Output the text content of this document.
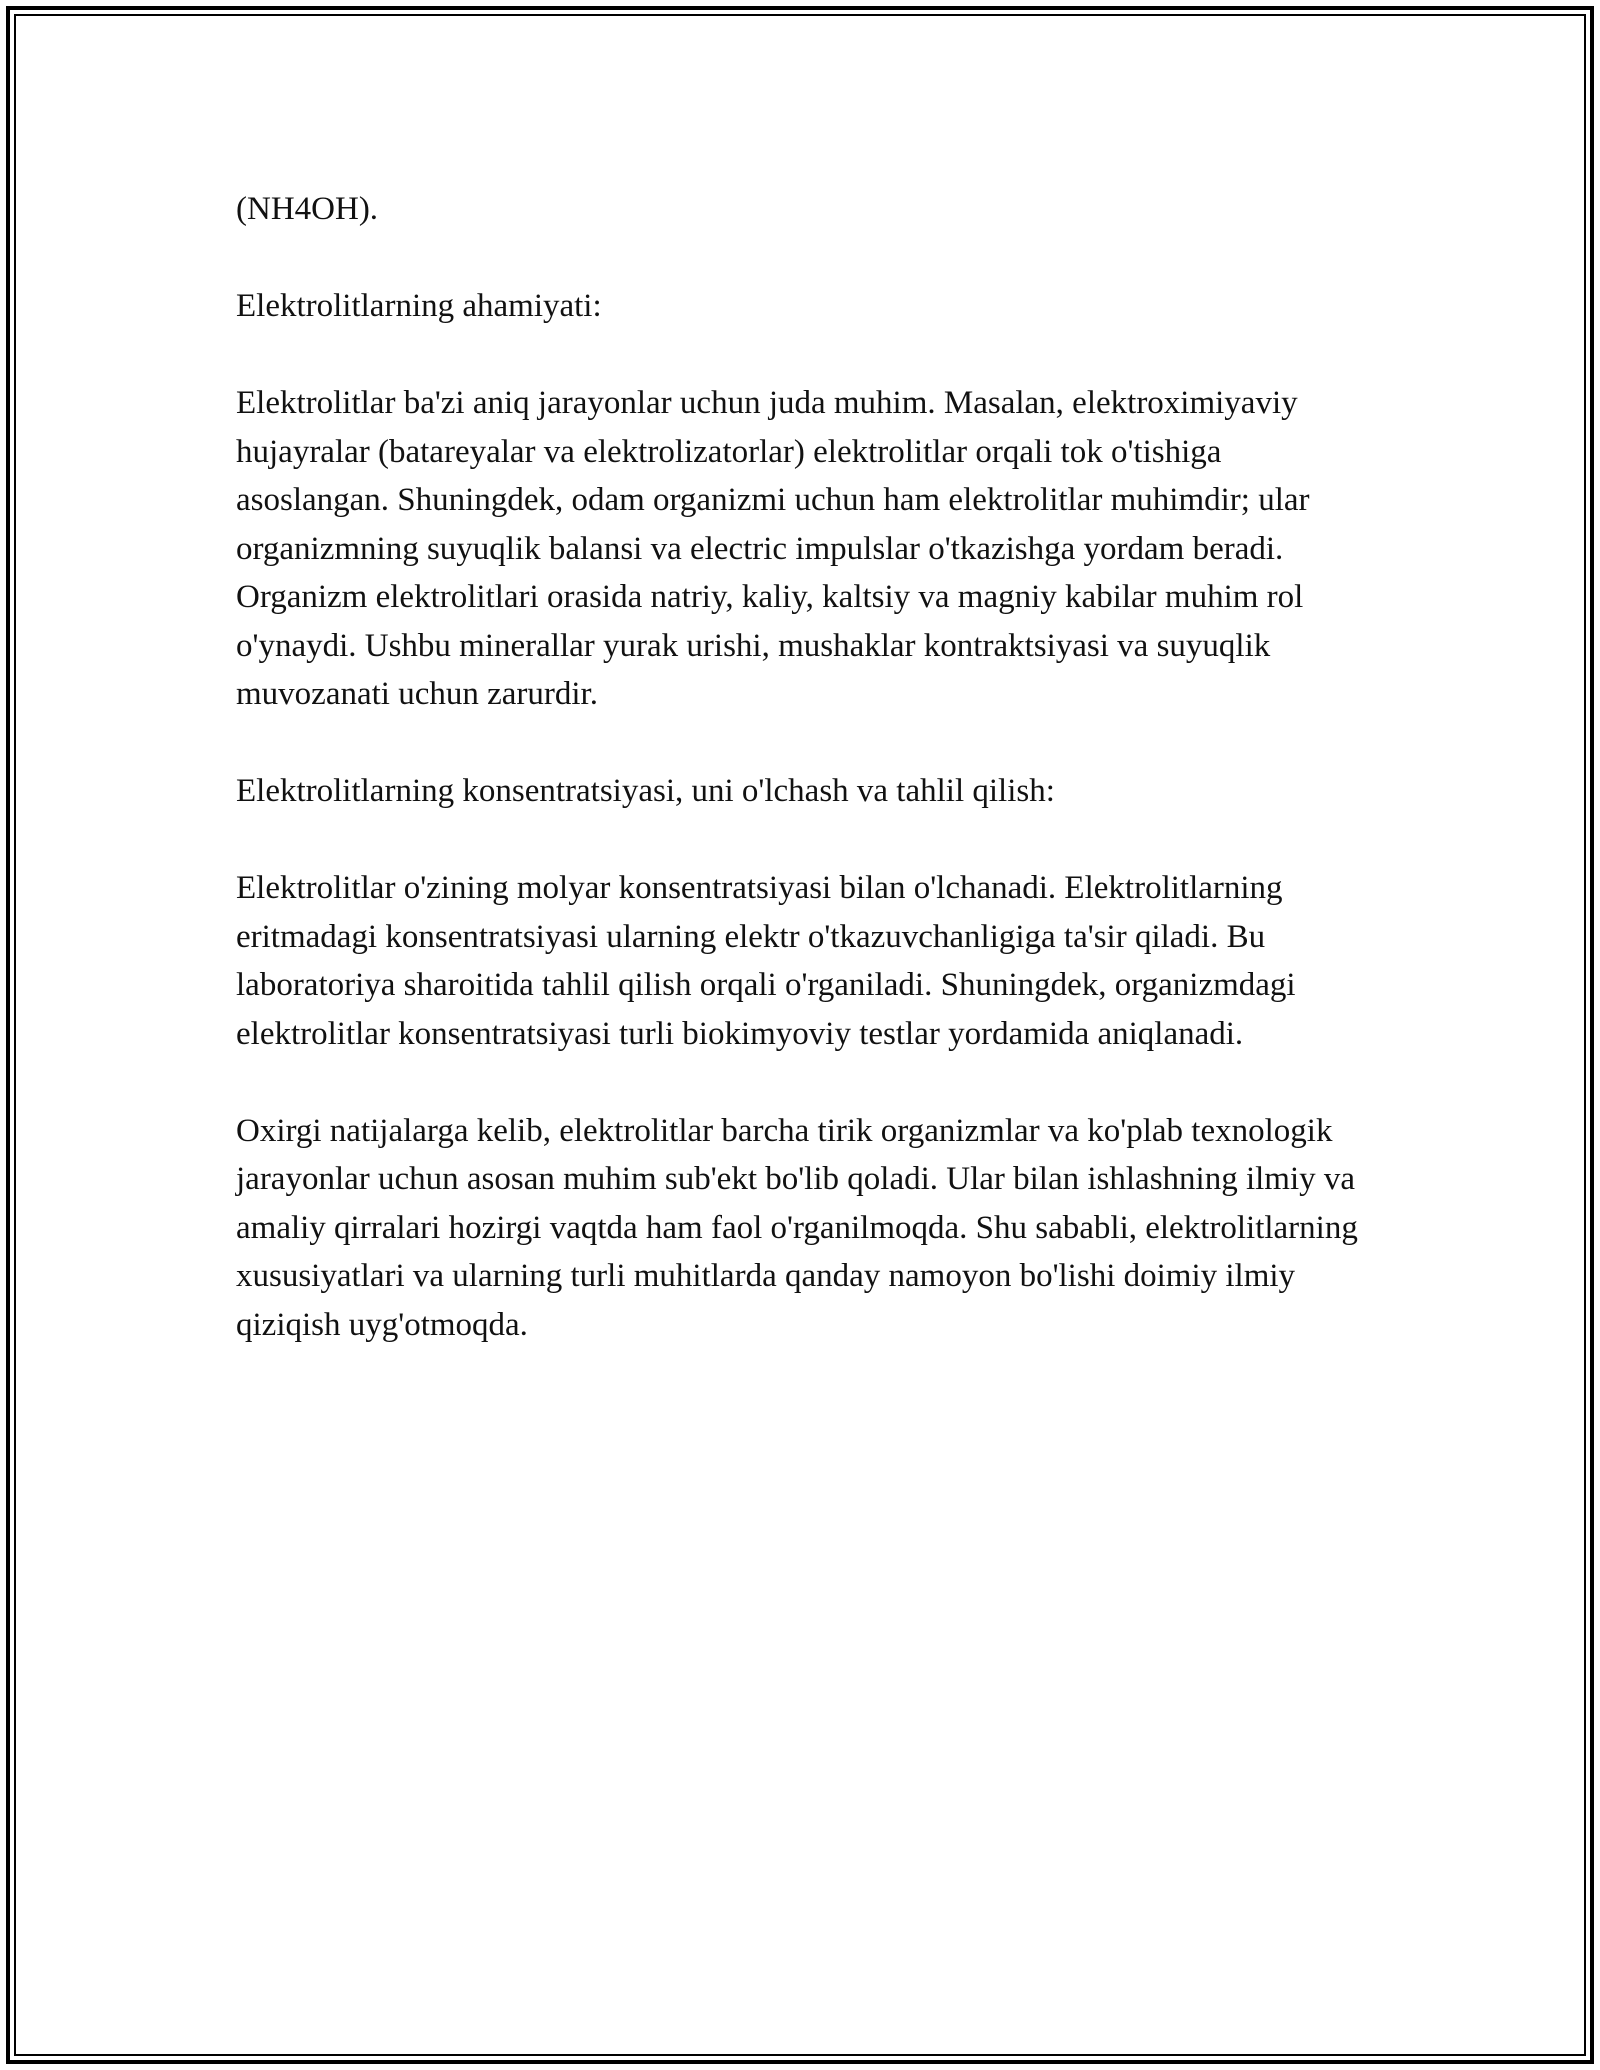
(NH4OH).

Elektrolitlarning ahamiyati:

Elektrolitlar ba'zi aniq jarayonlar uchun juda muhim. Masalan, elektroximiyaviy hujayralar (batareyalar va elektrolizatorlar) elektrolitlar orqali tok o'tishiga asoslangan. Shuningdek, odam organizmi uchun ham elektrolitlar muhimdir; ular organizmning suyuqlik balansi va electric impulslar o'tkazishga yordam beradi. Organizm elektrolitlari orasida natriy, kaliy, kaltsiy va magniy kabilar muhim rol o'ynaydi. Ushbu minerallar yurak urishi, mushaklar kontraktsiyasi va suyuqlik muvozanati uchun zarurdir.

Elektrolitlarning konsentratsiyasi, uni o'lchash va tahlil qilish:

Elektrolitlar o'zining molyar konsentratsiyasi bilan o'lchanadi. Elektrolitlarning eritmadagi konsentratsiyasi ularning elektr o'tkazuvchanligiga ta'sir qiladi. Bu laboratoriya sharoitida tahlil qilish orqali o'rganiladi. Shuningdek, organizmdagi elektrolitlar konsentratsiyasi turli biokimyoviy testlar yordamida aniqlanadi.

Oxirgi natijalarga kelib, elektrolitlar barcha tirik organizmlar va ko'plab texnologik jarayonlar uchun asosan muhim sub'ekt bo'lib qoladi. Ular bilan ishlashning ilmiy va amaliy qirralari hozirgi vaqtda ham faol o'rganilmoqda. Shu sababli, elektrolitlarning xususiyatlari va ularning turli muhitlarda qanday namoyon bo'lishi doimiy ilmiy qiziqish uyg'otmoqda.
